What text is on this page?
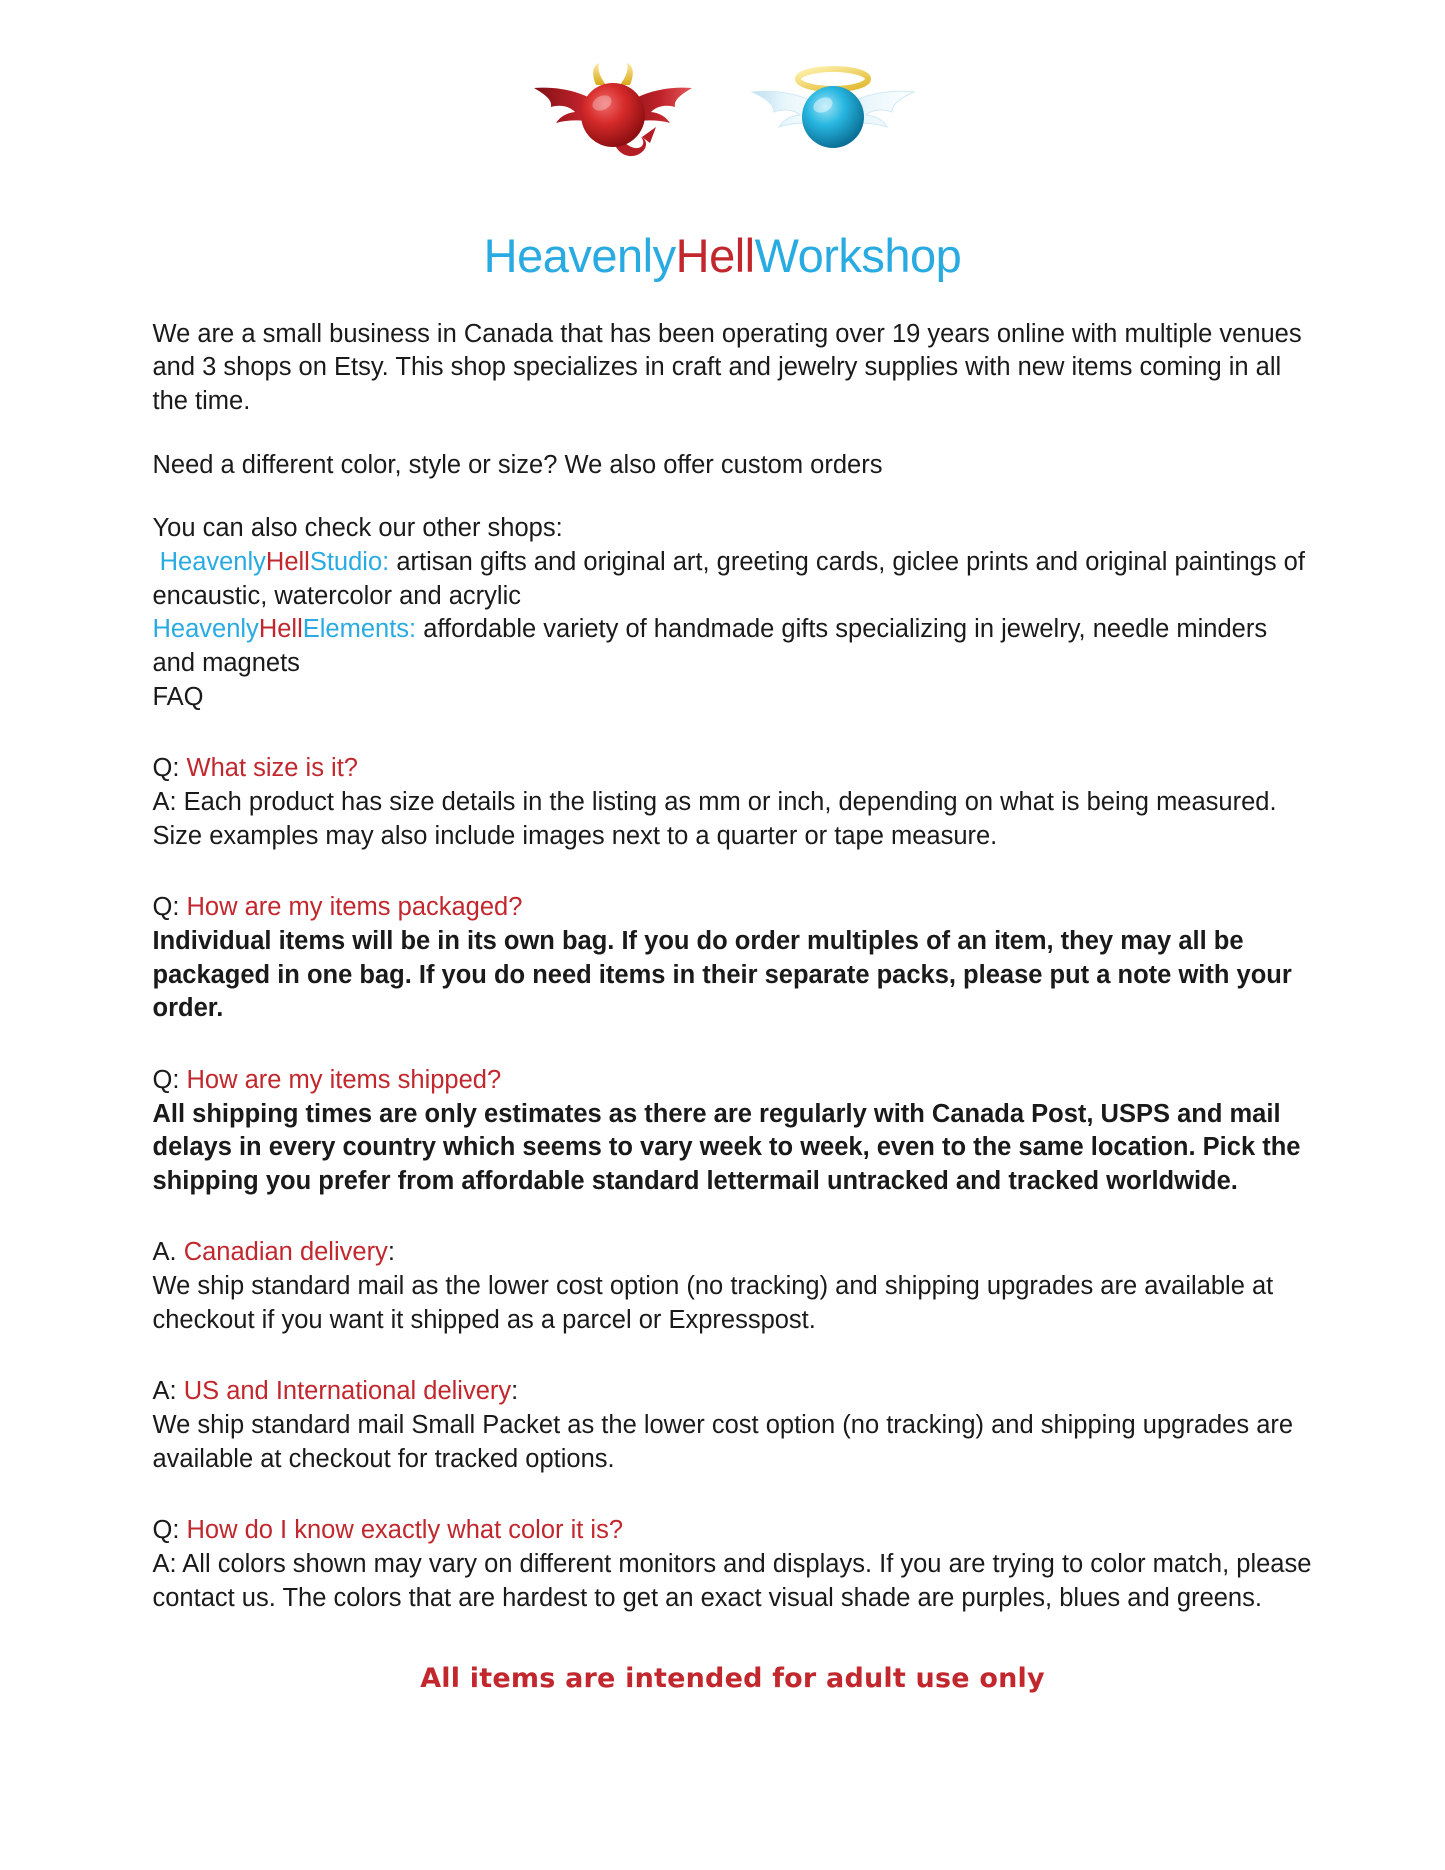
HeavenlyHellWorkshop

We are a small business in Canada that has been operating over 19 years online with multiple venues and 3 shops on Etsy. This shop specializes in craft and jewelry supplies with new items coming in all the time.

Need a different color, style or size? We also offer custom orders

You can also check our other shops:
HeavenlyHellStudio: artisan gifts and original art, greeting cards, giclee prints and original paintings of encaustic, watercolor and acrylic
HeavenlyHellElements: affordable variety of handmade gifts specializing in jewelry, needle minders and magnets
FAQ
Q: What size is it?
A: Each product has size details in the listing as mm or inch, depending on what is being measured. Size examples may also include images next to a quarter or tape measure.
Q: How are my items packaged?
Individual items will be in its own bag. If you do order multiples of an item, they may all be packaged in one bag. If you do need items in their separate packs, please put a note with your order.
Q: How are my items shipped?
All shipping times are only estimates as there are regularly with Canada Post, USPS and mail delays in every country which seems to vary week to week, even to the same location. Pick the shipping you prefer from affordable standard lettermail untracked and tracked worldwide.
A. Canadian delivery:
We ship standard mail as the lower cost option (no tracking) and shipping upgrades are available at checkout if you want it shipped as a parcel or Expresspost.
A: US and International delivery:
We ship standard mail Small Packet as the lower cost option (no tracking) and shipping upgrades are available at checkout for tracked options.
Q: How do I know exactly what color it is?
A: All colors shown may vary on different monitors and displays. If you are trying to color match, please contact us. The colors that are hardest to get an exact visual shade are purples, blues and greens.
All items are intended for adult use only
